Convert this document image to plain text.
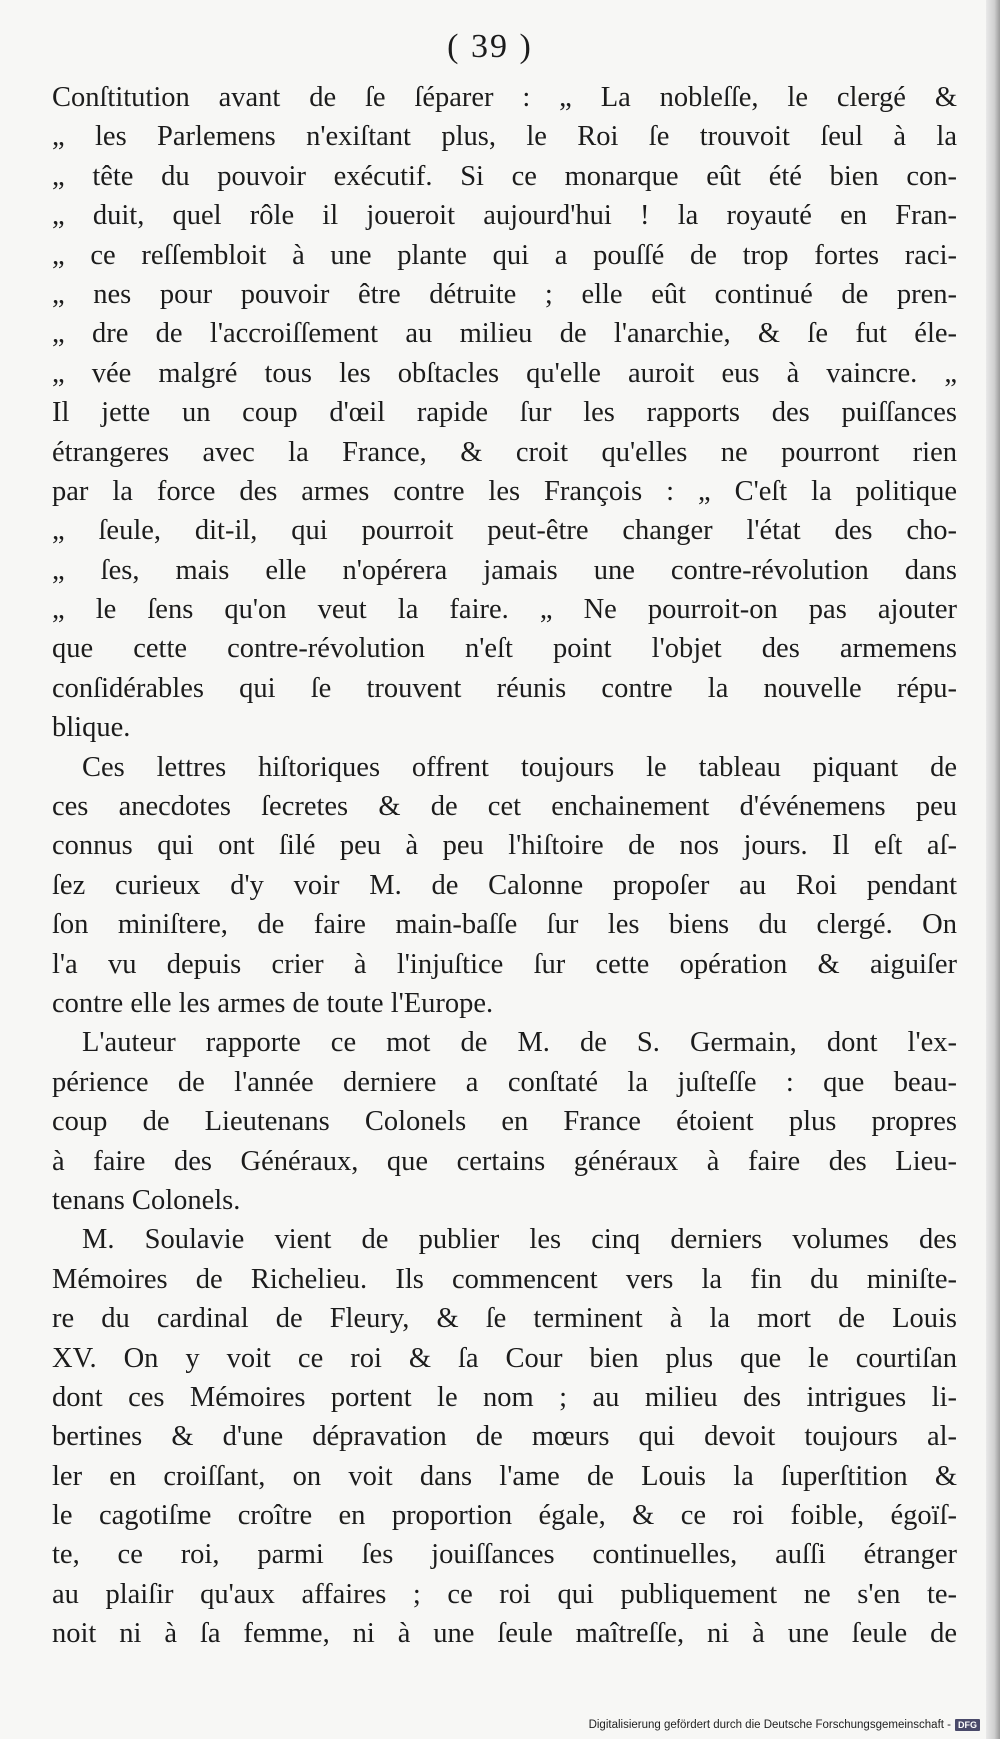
( 39 )
Conſtitution avant de ſe ſéparer : „ La nobleſſe, le clergé &
„ les Parlemens n'exiſtant plus, le Roi ſe trouvoit ſeul à la
„ tête du pouvoir exécutif. Si ce monarque eût été bien con-
„ duit, quel rôle il joueroit aujourd'hui ! la royauté en Fran-
„ ce reſſembloit à une plante qui a pouſſé de trop fortes raci-
„ nes pour pouvoir être détruite ; elle eût continué de pren-
„ dre de l'accroiſſement au milieu de l'anarchie, & ſe fut éle-
„ vée malgré tous les obſtacles qu'elle auroit eus à vaincre. „
Il jette un coup d'œil rapide ſur les rapports des puiſſances
étrangeres avec la France, & croit qu'elles ne pourront rien
par la force des armes contre les François : „ C'eſt la politique
„ ſeule, dit-il, qui pourroit peut-être changer l'état des cho-
„ ſes, mais elle n'opérera jamais une contre-révolution dans
„ le ſens qu'on veut la faire. „ Ne pourroit-on pas ajouter
que cette contre-révolution n'eſt point l'objet des armemens
conſidérables qui ſe trouvent réunis contre la nouvelle répu-
blique.
Ces lettres hiſtoriques offrent toujours le tableau piquant de
ces anecdotes ſecretes & de cet enchainement d'événemens peu
connus qui ont ſilé peu à peu l'hiſtoire de nos jours. Il eſt aſ-
ſez curieux d'y voir M. de Calonne propoſer au Roi pendant
ſon miniſtere, de faire main-baſſe ſur les biens du clergé. On
l'a vu depuis crier à l'injuſtice ſur cette opération & aiguiſer
contre elle les armes de toute l'Europe.
L'auteur rapporte ce mot de M. de S. Germain, dont l'ex-
périence de l'année derniere a conſtaté la juſteſſe : que beau-
coup de Lieutenans Colonels en France étoient plus propres
à faire des Généraux, que certains généraux à faire des Lieu-
tenans Colonels.
M. Soulavie vient de publier les cinq derniers volumes des
Mémoires de Richelieu. Ils commencent vers la fin du miniſte-
re du cardinal de Fleury, & ſe terminent à la mort de Louis
XV. On y voit ce roi & ſa Cour bien plus que le courtiſan
dont ces Mémoires portent le nom ; au milieu des intrigues li-
bertines & d'une dépravation de mœurs qui devoit toujours al-
ler en croiſſant, on voit dans l'ame de Louis la ſuperſtition &
le cagotiſme croître en proportion égale, & ce roi foible, égoïſ-
te, ce roi, parmi ſes jouiſſances continuelles, auſſi étranger
au plaiſir qu'aux affaires ; ce roi qui publiquement ne s'en te-
noit ni à ſa femme, ni à une ſeule maîtreſſe, ni à une ſeule de
Digitalisierung gefördert durch die Deutsche Forschungsgemeinschaft - DFG
